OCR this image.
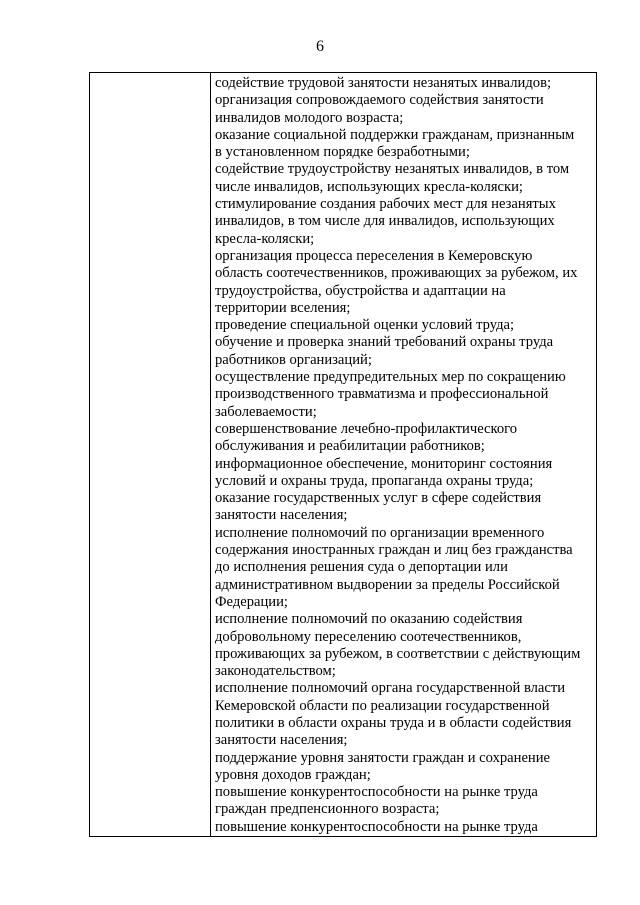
6

содействие трудовой занятости незанятых инвалидов;
организация сопровождаемого содействия занятости
инвалидов молодого возраста;
оказание социальной поддержки гражданам, признанным
в установленном порядке безработными;
содействие трудоустройству незанятых инвалидов, в том
числе инвалидов, использующих кресла-коляски;
стимулирование создания рабочих мест для незанятых
инвалидов, в том числе для инвалидов, использующих
кресла-коляски;
организация процесса переселения в Кемеровскую
область соотечественников, проживающих за рубежом, их
трудоустройства, обустройства и адаптации на
территории вселения;
проведение специальной оценки условий труда;
обучение и проверка знаний требований охраны труда
работников организаций;
осуществление предупредительных мер по сокращению
производственного травматизма и профессиональной
заболеваемости;
совершенствование лечебно-профилактического
обслуживания и реабилитации работников;
информационное обеспечение, мониторинг состояния
условий и охраны труда, пропаганда охраны труда;
оказание государственных услуг в сфере содействия
занятости населения;
исполнение полномочий по организации временного
содержания иностранных граждан и лиц без гражданства
до исполнения решения суда о депортации или
административном выдворении за пределы Российской
Федерации;
исполнение полномочий по оказанию содействия
добровольному переселению соотечественников,
проживающих за рубежом, в соответствии с действующим
законодательством;
исполнение полномочий органа государственной власти
Кемеровской области по реализации государственной
политики в области охраны труда и в области содействия
занятости населения;
поддержание уровня занятости граждан и сохранение
уровня доходов граждан;
повышение конкурентоспособности на рынке труда
граждан предпенсионного возраста;
повышение конкурентоспособности на рынке труда
